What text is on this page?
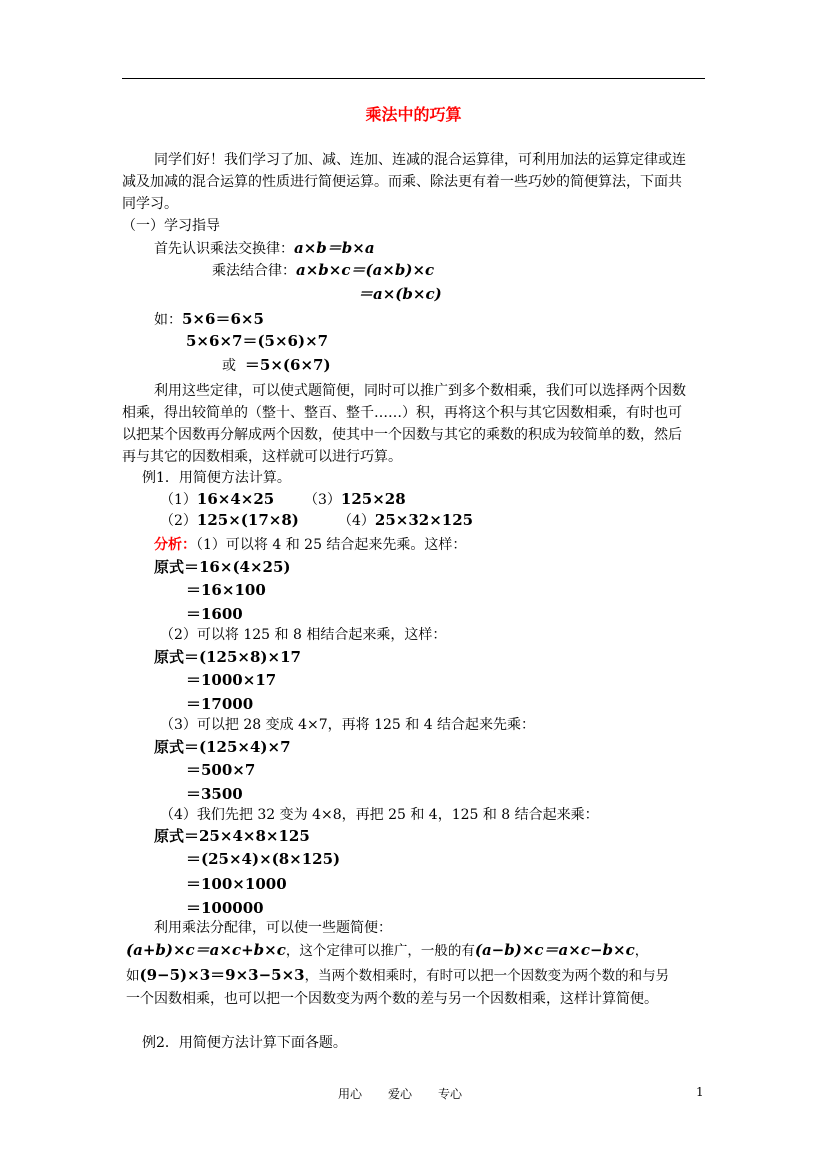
乘法中的巧算
同学们好！我们学习了加、减、连加、连减的混合运算律，可利用加法的运算定律或连
减及加减的混合运算的性质进行简便运算。而乘、除法更有着一些巧妙的简便算法，下面共
同学习。
（一）学习指导
首先认识乘法交换律：a×b＝b×a
乘法结合律：a×b×c＝(a×b)×c
＝a×(b×c)
如：5×6＝6×5
5×6×7＝(5×6)×7
或 ＝5×(6×7)
利用这些定律，可以使式题简便，同时可以推广到多个数相乘，我们可以选择两个因数
相乘，得出较简单的（整十、整百、整千……）积，再将这个积与其它因数相乘，有时也可
以把某个因数再分解成两个因数，使其中一个因数与其它的乘数的积成为较简单的数，然后
再与其它的因数相乘，这样就可以进行巧算。
例1．用简便方法计算。
（1）16×4×25 （3）125×28
（2）125×(17×8)	（4）25×32×125
分析：（1）可以将 4 和 25 结合起来先乘。这样：
原式＝16×(4×25)
＝16×100
＝1600
（2）可以将 125 和 8 相结合起来乘，这样：
原式＝(125×8)×17
＝1000×17
＝17000
（3）可以把 28 变成 4×7，再将 125 和 4 结合起来先乘：
原式＝(125×4)×7
＝500×7
＝3500
（4）我们先把 32 变为 4×8，再把 25 和 4，125 和 8 结合起来乘：
原式＝25×4×8×125
＝(25×4)×(8×125)
＝100×1000
＝100000
利用乘法分配律，可以使一些题简便：
(a+b)×c＝a×c+b×c，这个定律可以推广，一般的有(a−b)×c＝a×c−b×c，
如(9−5)×3＝9×3−5×3，当两个数相乘时，有时可以把一个因数变为两个数的和与另
一个因数相乘，也可以把一个因数变为两个数的差与另一个因数相乘，这样计算简便。
例2．用简便方法计算下面各题。
用心 爱心 专心	1
